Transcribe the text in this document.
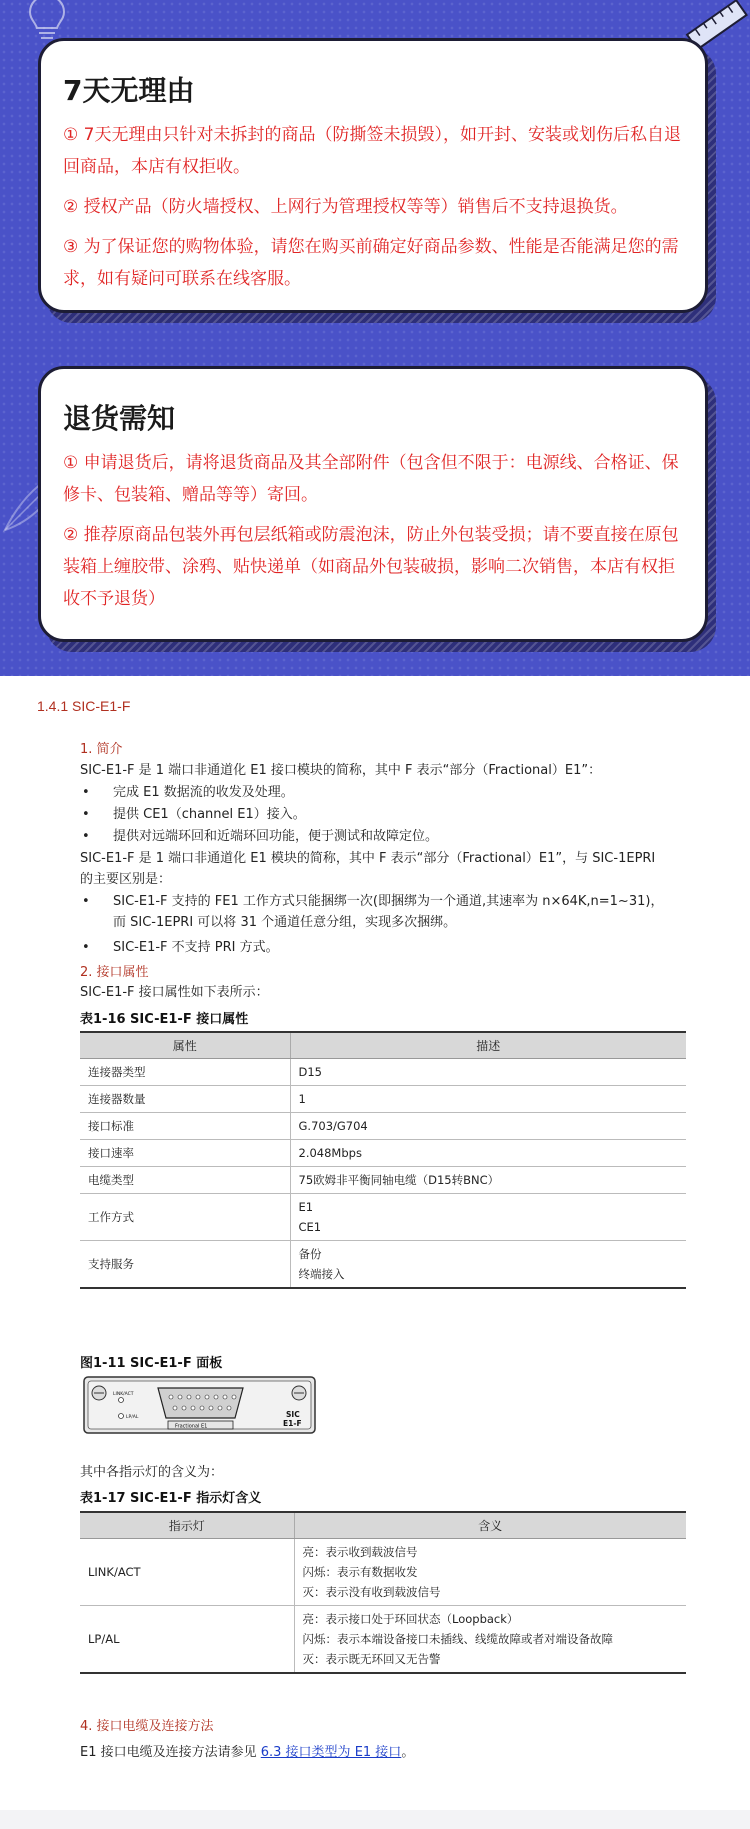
7天无理由
① 7天无理由只针对未拆封的商品（防撕签未损毁），如开封、安装或划伤后私自退回商品，本店有权拒收。
② 授权产品（防火墙授权、上网行为管理授权等等）销售后不支持退换货。
③ 为了保证您的购物体验，请您在购买前确定好商品参数、性能是否能满足您的需求，如有疑问可联系在线客服。
退货需知
① 申请退货后，请将退货商品及其全部附件（包含但不限于：电源线、合格证、保修卡、包装箱、赠品等等）寄回。
② 推荐原商品包装外再包层纸箱或防震泡沫，防止外包装受损；请不要直接在原包装箱上缠胶带、涂鸦、贴快递单（如商品外包装破损，影响二次销售，本店有权拒收不予退货）
1.4.1 SIC-E1-F
1. 简介
SIC-E1-F 是 1 端口非通道化 E1 接口模块的简称，其中 F 表示“部分（Fractional）E1”：
• 完成 E1 数据流的收发及处理。
• 提供 CE1（channel E1）接入。
• 提供对远端环回和近端环回功能，便于测试和故障定位。
SIC-E1-F 是 1 端口非通道化 E1 模块的简称，其中 F 表示“部分（Fractional）E1”，与 SIC-1EPRI
的主要区别是：
• SIC-E1-F 支持的 FE1 工作方式只能捆绑一次(即捆绑为一个通道,其速率为 n×64K,n=1~31)，
而 SIC-1EPRI 可以将 31 个通道任意分组，实现多次捆绑。
• SIC-E1-F 不支持 PRI 方式。
2. 接口属性
SIC-E1-F 接口属性如下表所示：
表1-16 SIC-E1-F 接口属性
属性	描述
连接器类型	D15
连接器数量	1
接口标准	G.703/G704
接口速率	2.048Mbps
电缆类型	75欧姆非平衡同轴电缆（D15转BNC）
工作方式	E1
CE1

支持服务	备份
终端接入
图1-11 SIC-E1-F 面板
LINK/ACT
LP/AL
Fractional E1
SIC
E1-F
其中各指示灯的含义为：
表1-17 SIC-E1-F 指示灯含义
指示灯	含义
LINK/ACT	亮：表示收到载波信号
闪烁：表示有数据收发
灭：表示没有收到载波信号

LP/AL	亮：表示接口处于环回状态（Loopback）
闪烁：表示本端设备接口未插线、线缆故障或者对端设备故障
灭：表示既无环回又无告警
4. 接口电缆及连接方法
E1 接口电缆及连接方法请参见 6.3 接口类型为 E1 接口。
